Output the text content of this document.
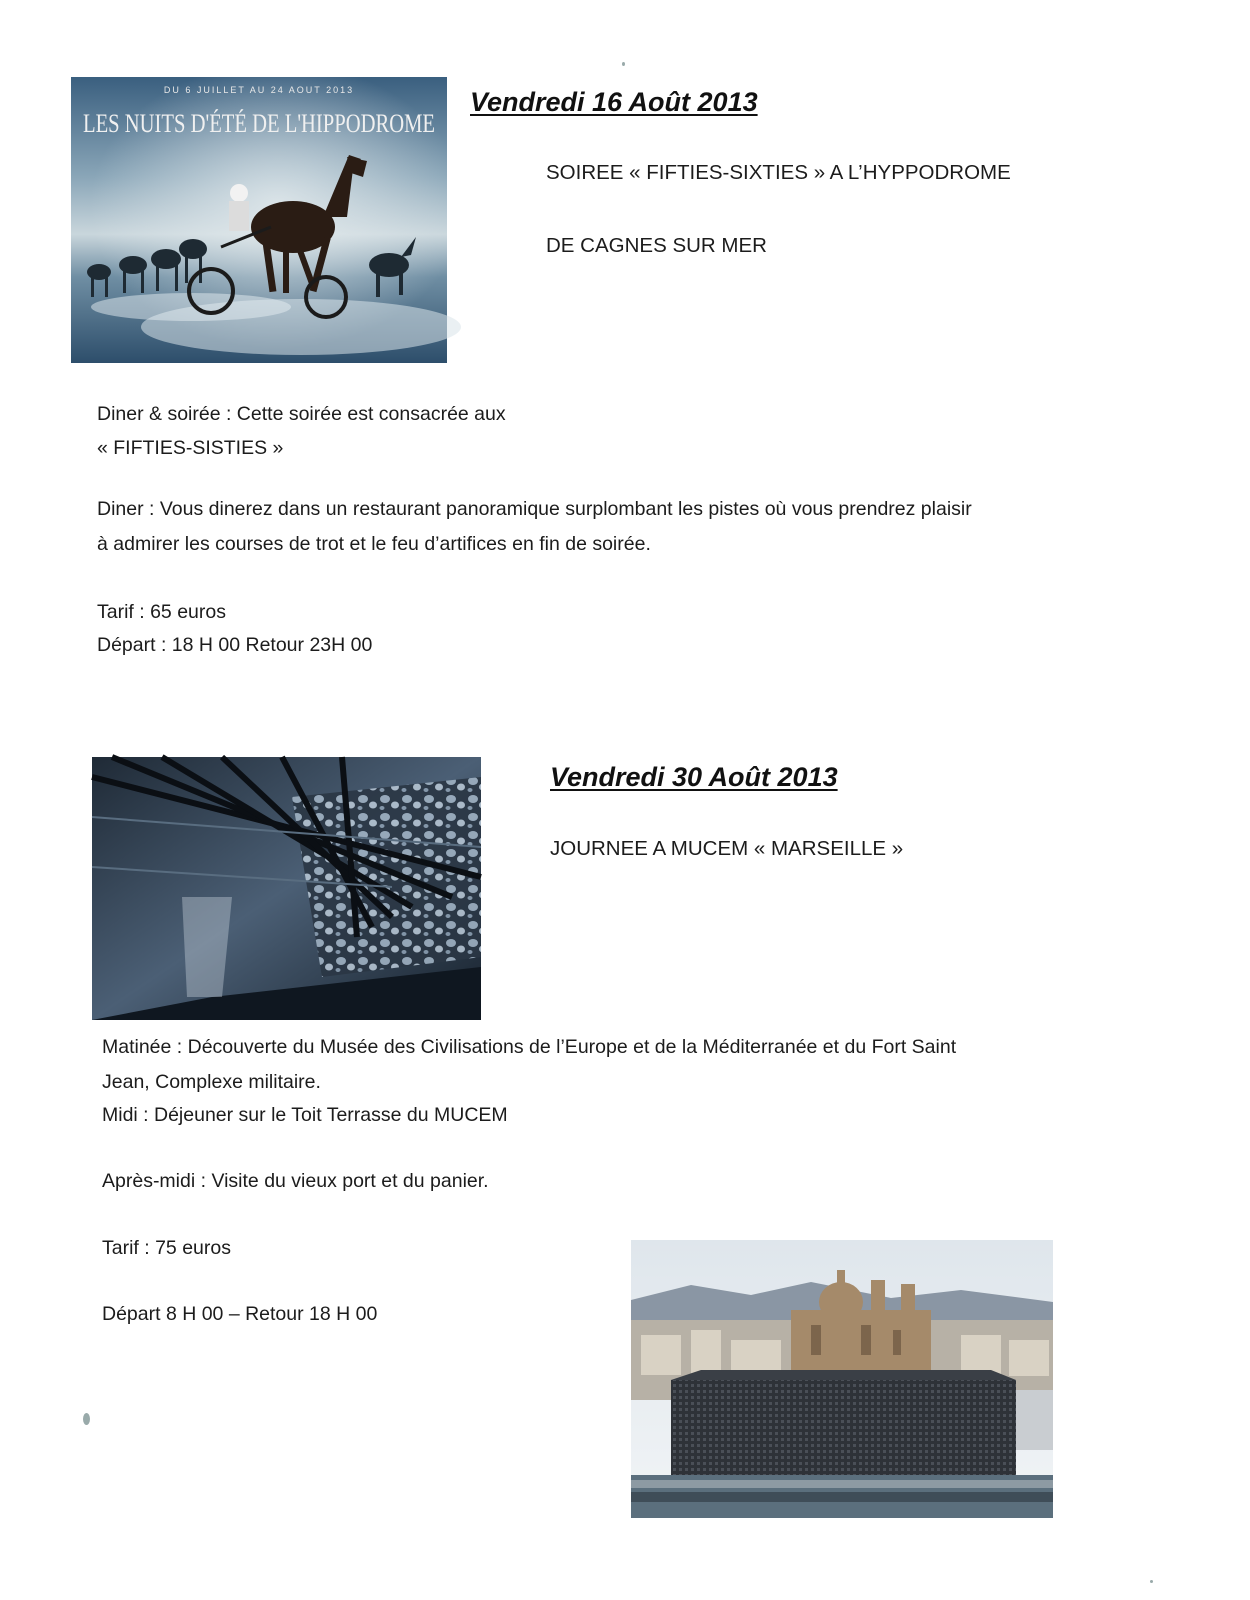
DU 6 JUILLET AU 24 AOUT 2013
LES NUITS D'ÉTÉ DE L'HIPPODROME
Vendredi 16 Août 2013
SOIREE « FIFTIES-SIXTIES » A L’HYPPODROME
DE CAGNES SUR MER
Diner & soirée : Cette soirée est consacrée aux
« FIFTIES-SISTIES »
Diner : Vous dinerez dans un restaurant panoramique surplombant les pistes où vous prendrez plaisir
à admirer les courses de trot et le feu d’artifices en fin de soirée.
Tarif : 65 euros
Départ : 18 H 00 Retour 23H 00
Vendredi 30 Août 2013
JOURNEE A MUCEM « MARSEILLE »
Matinée : Découverte du Musée des Civilisations de l’Europe et de la Méditerranée et du Fort Saint
Jean, Complexe militaire.
Midi : Déjeuner sur le Toit Terrasse du MUCEM
Après-midi : Visite du vieux port et du panier.
Tarif : 75 euros
Départ 8 H 00 – Retour 18 H 00
